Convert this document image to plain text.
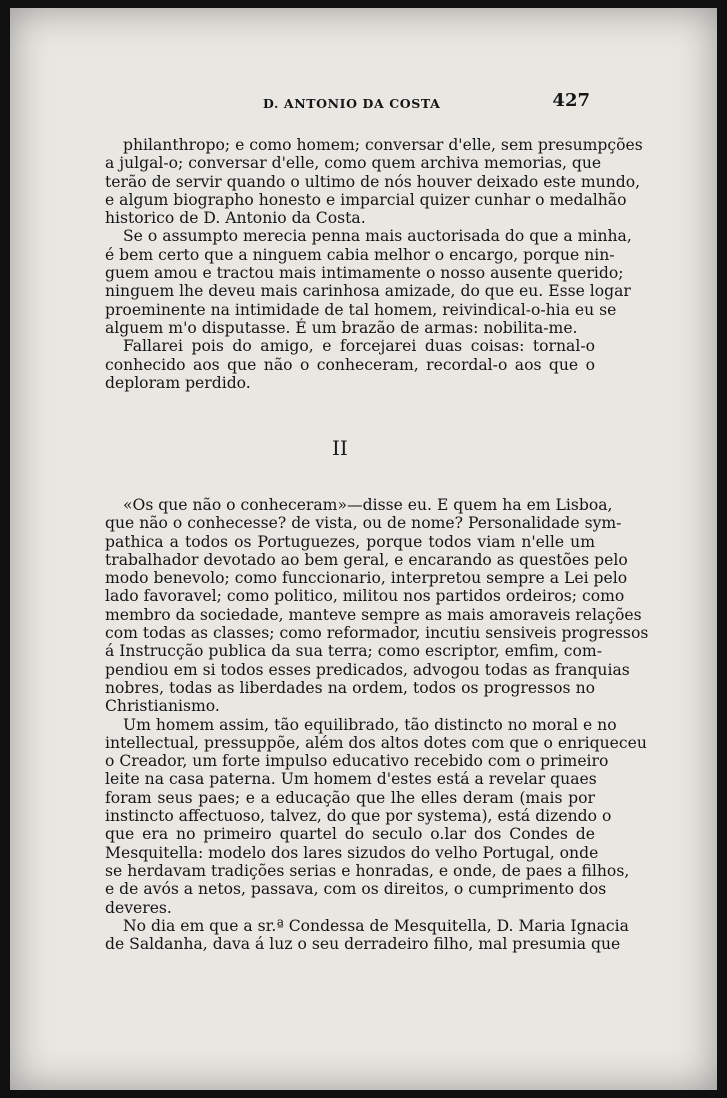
D. ANTONIO DA COSTA	427
philanthropo; e como homem; conversar d'elle, sem presumpções
a julgal-o; conversar d'elle, como quem archiva memorias, que
terão de servir quando o ultimo de nós houver deixado este mundo,
e algum biographo honesto e imparcial quizer cunhar o medalhão
historico de D. Antonio da Costa.
Se o assumpto merecia penna mais auctorisada do que a minha,
é bem certo que a ninguem cabia melhor o encargo, porque nin-
guem amou e tractou mais intimamente o nosso ausente querido;
ninguem lhe deveu mais carinhosa amizade, do que eu. Esse logar
proeminente na intimidade de tal homem, reivindical-o-hia eu se
alguem m'o disputasse. É um brazão de armas: nobilita-me.
Fallarei pois do amigo, e forcejarei duas coisas: tornal-o
conhecido aos que não o conheceram, recordal-o aos que o
deploram perdido.
II
«Os que não o conheceram»—disse eu. E quem ha em Lisboa,
que não o conhecesse? de vista, ou de nome? Personalidade sym-
pathica a todos os Portuguezes, porque todos viam n'elle um
trabalhador devotado ao bem geral, e encarando as questões pelo
modo benevolo; como funccionario, interpretou sempre a Lei pelo
lado favoravel; como politico, militou nos partidos ordeiros; como
membro da sociedade, manteve sempre as mais amoraveis relações
com todas as classes; como reformador, incutiu sensiveis progressos
á Instrucção publica da sua terra; como escriptor, emfim, com-
pendiou em si todos esses predicados, advogou todas as franquias
nobres, todas as liberdades na ordem, todos os progressos no
Christianismo.
Um homem assim, tão equilibrado, tão distincto no moral e no
intellectual, pressuppõe, além dos altos dotes com que o enriqueceu
o Creador, um forte impulso educativo recebido com o primeiro
leite na casa paterna. Um homem d'estes está a revelar quaes
foram seus paes; e a educação que lhe elles deram (mais por
instincto affectuoso, talvez, do que por systema), está dizendo o
que era no primeiro quartel do seculo o.lar dos Condes de
Mesquitella: modelo dos lares sizudos do velho Portugal, onde
se herdavam tradições serias e honradas, e onde, de paes a filhos,
e de avós a netos, passava, com os direitos, o cumprimento dos
deveres.
No dia em que a sr.ª Condessa de Mesquitella, D. Maria Ignacia
de Saldanha, dava á luz o seu derradeiro filho, mal presumia que
